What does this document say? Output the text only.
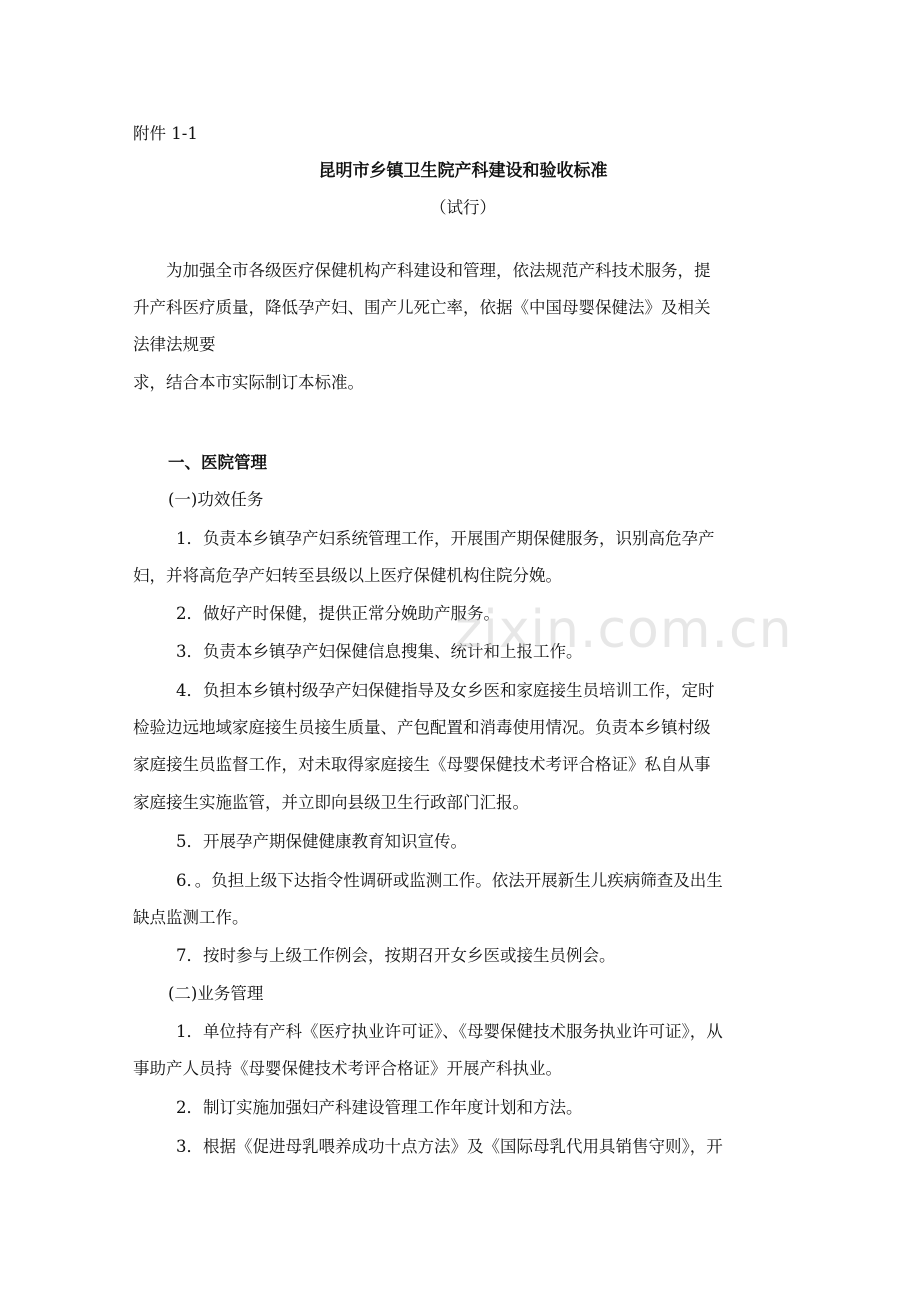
附件 1-1
昆明市乡镇卫生院产科建设和验收标准
（试行）
为加强全市各级医疗保健机构产科建设和管理，依法规范产科技术服务，提
升产科医疗质量，降低孕产妇、围产儿死亡率，依据《中国母婴保健法》及相关
法律法规要
求，结合本市实际制订本标准。
一、医院管理
(一)功效任务
1．负责本乡镇孕产妇系统管理工作，开展围产期保健服务，识别高危孕产
妇，并将高危孕产妇转至县级以上医疗保健机构住院分娩。
2．做好产时保健，提供正常分娩助产服务。
3．负责本乡镇孕产妇保健信息搜集、统计和上报工作。
4．负担本乡镇村级孕产妇保健指导及女乡医和家庭接生员培训工作，定时
检验边远地域家庭接生员接生质量、产包配置和消毒使用情况。负责本乡镇村级
家庭接生员监督工作，对未取得家庭接生《母婴保健技术考评合格证》私自从事
家庭接生实施监管，并立即向县级卫生行政部门汇报。
5．开展孕产期保健健康教育知识宣传。
6．。负担上级下达指令性调研或监测工作。依法开展新生儿疾病筛查及出生
缺点监测工作。
7．按时参与上级工作例会，按期召开女乡医或接生员例会。
(二)业务管理
1．单位持有产科《医疗执业许可证》、《母婴保健技术服务执业许可证》，从
事助产人员持《母婴保健技术考评合格证》开展产科执业。
2．制订实施加强妇产科建设管理工作年度计划和方法。
3．根据《促进母乳喂养成功十点方法》及《国际母乳代用具销售守则》，开
zixin.com.cn
